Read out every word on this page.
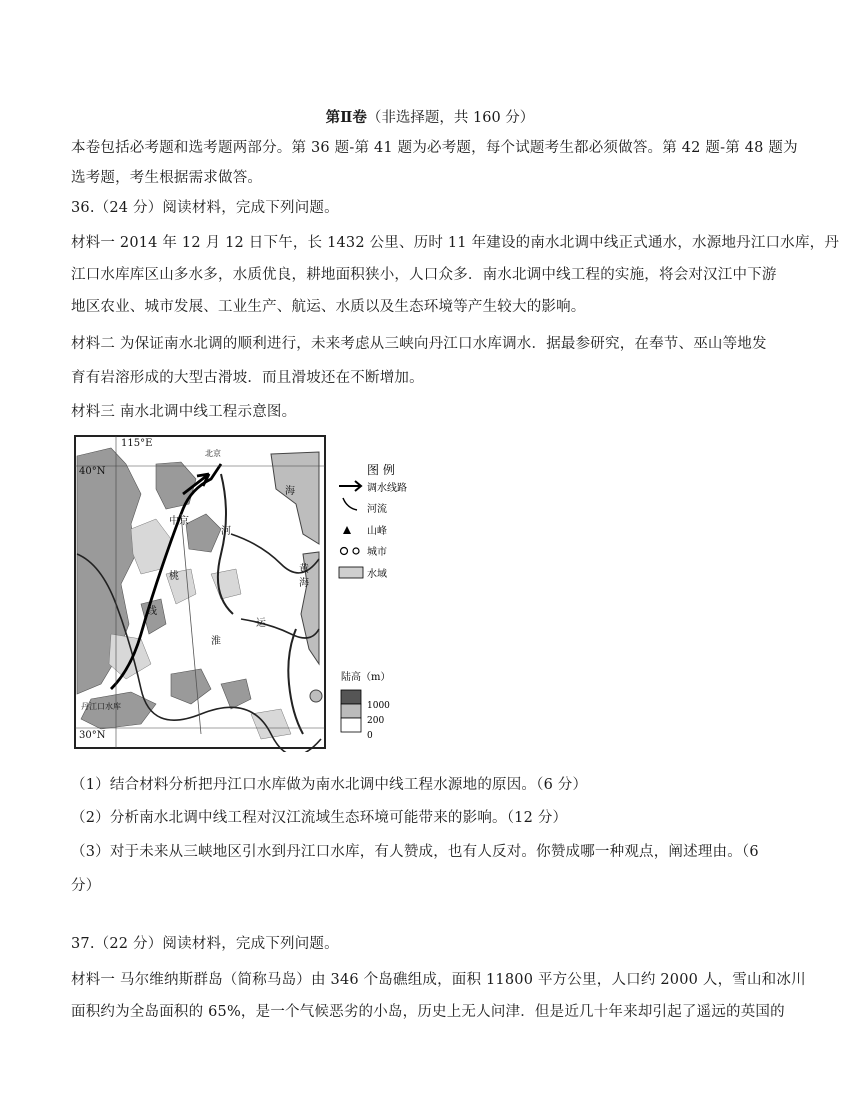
第Ⅱ卷（非选择题，共 160 分）
本卷包括必考题和选考题两部分。第 36 题-第 41 题为必考题，每个试题考生都必须做答。第 42 题-第 48 题为
选考题，考生根据需求做答。
36.（24 分）阅读材料，完成下列问题。
材料一 2014 年 12 月 12 日下午，长 1432 公里、历时 11 年建设的南水北调中线正式通水，水源地丹江口水库，丹
江口水库库区山多水多，水质优良，耕地面积狭小，人口众多．南水北调中线工程的实施，将会对汉江中下游
地区农业、城市发展、工业生产、航运、水质以及生态环境等产生较大的影响。
材料二 为保证南水北调的顺利进行，未来考虑从三峡向丹江口水库调水．据最参研究，在奉节、巫山等地发
育有岩溶形成的大型古滑坡．而且滑坡还在不断增加。
材料三 南水北调中线工程示意图。
115°E
40°N
30°N
北京
丹江口水库
中京
河
黄
海
海
线
淮
运
桃
图 例
调水线路
河流
山峰
城市
水域
陆高（m）
1000
200
0
（1）结合材料分析把丹江口水库做为南水北调中线工程水源地的原因。（6 分）
（2）分析南水北调中线工程对汉江流域生态环境可能带来的影响。（12 分）
（3）对于未来从三峡地区引水到丹江口水库，有人赞成，也有人反对。你赞成哪一种观点，阐述理由。（6
分）
37.（22 分）阅读材料，完成下列问题。
材料一 马尔维纳斯群岛（简称马岛）由 346 个岛礁组成，面积 11800 平方公里，人口约 2000 人，雪山和冰川
面积约为全岛面积的 65%，是一个气候恶劣的小岛，历史上无人问津．但是近几十年来却引起了遥远的英国的
